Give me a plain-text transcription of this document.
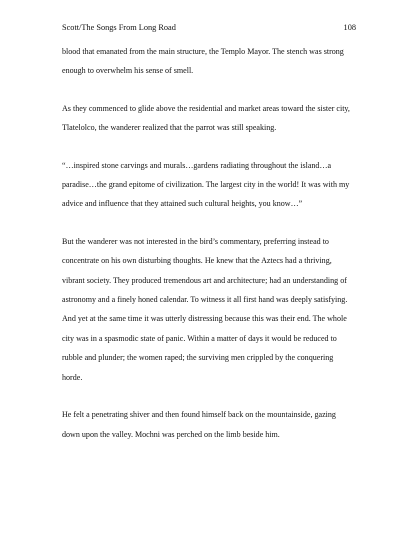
Scott/The Songs From Long Road	108

blood that emanated from the main structure, the Templo Mayor. The stench was strong
enough to overwhelm his sense of smell.

As they commenced to glide above the residential and market areas toward the sister city,
Tlatelolco, the wanderer realized that the parrot was still speaking.

“…inspired stone carvings and murals…gardens radiating throughout the island…a
paradise…the grand epitome of civilization. The largest city in the world! It was with my
advice and influence that they attained such cultural heights, you know…”

But the wanderer was not interested in the bird’s commentary, preferring instead to
concentrate on his own disturbing thoughts. He knew that the Aztecs had a thriving,
vibrant society. They produced tremendous art and architecture; had an understanding of
astronomy and a finely honed calendar. To witness it all first hand was deeply satisfying.
And yet at the same time it was utterly distressing because this was their end. The whole
city was in a spasmodic state of panic. Within a matter of days it would be reduced to
rubble and plunder; the women raped; the surviving men crippled by the conquering
horde.

He felt a penetrating shiver and then found himself back on the mountainside, gazing
down upon the valley. Mochni was perched on the limb beside him.
